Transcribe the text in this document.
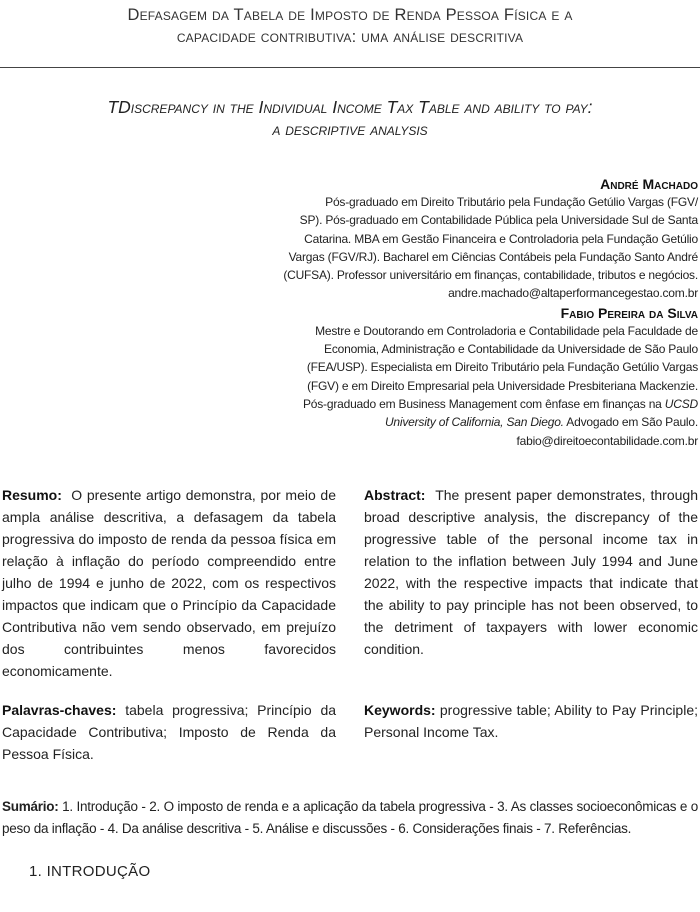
Defasagem da Tabela de Imposto de Renda Pessoa Física e a
capacidade contributiva: uma análise descritiva
TDiscrepancy in the Individual Income Tax Table and ability to pay:
a descriptive analysis
André Machado
Pós-graduado em Direito Tributário pela Fundação Getúlio Vargas (FGV/
SP). Pós-graduado em Contabilidade Pública pela Universidade Sul de Santa
Catarina. MBA em Gestão Financeira e Controladoria pela Fundação Getúlio
Vargas (FGV/RJ). Bacharel em Ciências Contábeis pela Fundação Santo André
(CUFSA). Professor universitário em finanças, contabilidade, tributos e negócios.
andre.machado@altaperformancegestao.com.br
Fabio Pereira da Silva
Mestre e Doutorando em Controladoria e Contabilidade pela Faculdade de
Economia, Administração e Contabilidade da Universidade de São Paulo
(FEA/USP). Especialista em Direito Tributário pela Fundação Getúlio Vargas
(FGV) e em Direito Empresarial pela Universidade Presbiteriana Mackenzie.
Pós-graduado em Business Management com ênfase em finanças na UCSD
University of California, San Diego. Advogado em São Paulo.
fabio@direitoecontabilidade.com.br
Resumo: O presente artigo demonstra, por meio de ampla análise descritiva, a defasagem da tabela progressiva do imposto de renda da pessoa física em relação à inflação do período compreendido entre julho de 1994 e junho de 2022, com os respectivos impactos que indicam que o Princípio da Capacidade Contributiva não vem sendo observado, em prejuízo dos contribuintes menos favorecidos economicamente.
Abstract: The present paper demonstrates, through broad descriptive analysis, the discrepancy of the progressive table of the personal income tax in relation to the inflation between July 1994 and June 2022, with the respective impacts that indicate that the ability to pay principle has not been observed, to the detriment of taxpayers with lower economic condition.
Palavras-chaves: tabela progressiva; Princípio da Capacidade Contributiva; Imposto de Renda da Pessoa Física.
Keywords: progressive table; Ability to Pay Principle; Personal Income Tax.
Sumário: 1. Introdução - 2. O imposto de renda e a aplicação da tabela progressiva - 3. As classes socioeconômicas e o peso da inflação - 4. Da análise descritiva - 5. Análise e discussões - 6. Considerações finais - 7. Referências.
1. INTRODUÇÃO
